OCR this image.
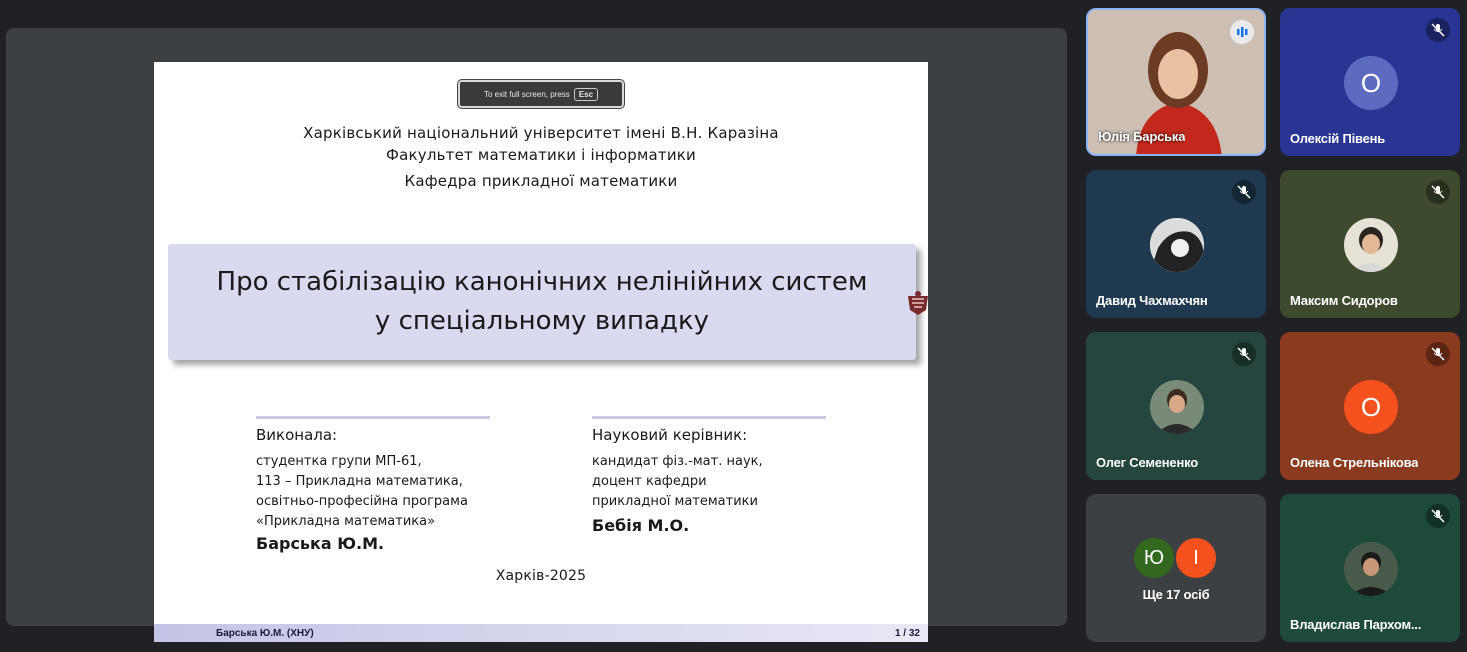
To exit full screen, press	Esc
Харківський національний університет імені В.Н. Каразіна
Факультет математики і інформатики
Кафедра прикладної математики
Про стабілізацію канонічних нелінійних систем у спеціальному випадку
Виконала:
студентка групи МП-61,
113 – Прикладна математика,
освітньо-професійна програма
«Прикладна математика»
Барська Ю.М.
Науковий керівник:
кандидат фіз.-мат. наук,
доцент кафедри
прикладної математики
Бебія М.О.
Харків-2025
Барська Ю.М. (ХНУ)	1 / 32
Юлія Барська
О
Олексій Півень
Давид Чахмахчян	Максим Сидоров
Олег Семененко
О
Олена Стрельнікова
Ю	І
Ще 17 осіб
Владислав Пархом...
